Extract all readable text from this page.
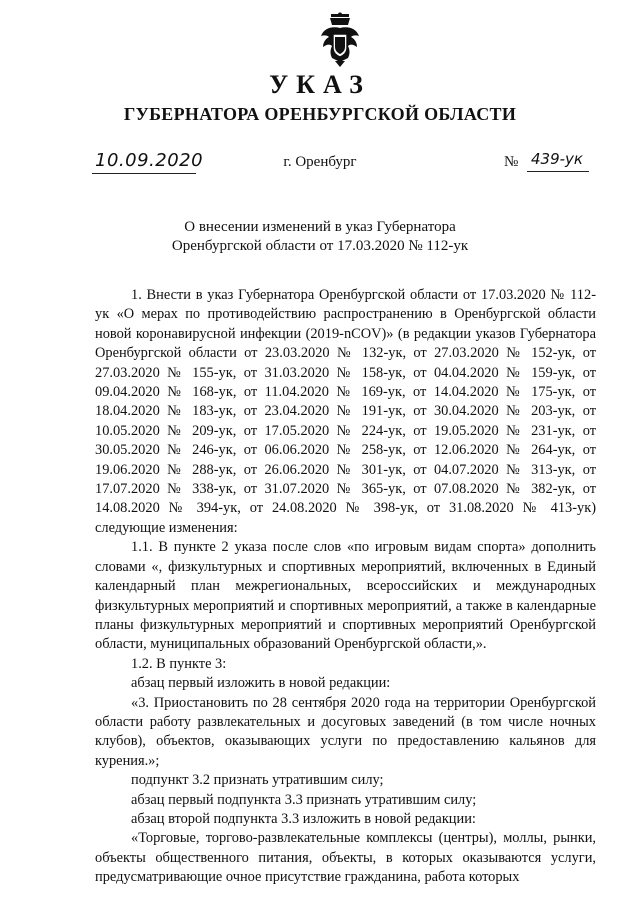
УКАЗ
ГУБЕРНАТОРА ОРЕНБУРГСКОЙ ОБЛАСТИ
10.09.2020	г. Оренбург	№ 439-ук
О внесении изменений в указ Губернатора
Оренбургской области от 17.03.2020 № 112-ук

1. Внести в указ Губернатора Оренбургской области от 17.03.2020 № 112-ук «О мерах по противодействию распространению в Оренбургской области новой коронавирусной инфекции (2019-nCOV)» (в редакции указов Губернатора Оренбургской области от 23.03.2020 № 132-ук, от 27.03.2020 № 152-ук, от 27.03.2020 № 155-ук, от 31.03.2020 № 158-ук, от 04.04.2020 № 159-ук, от 09.04.2020 № 168-ук, от 11.04.2020 № 169-ук, от 14.04.2020 № 175-ук, от 18.04.2020 № 183-ук, от 23.04.2020 № 191-ук, от 30.04.2020 № 203-ук, от 10.05.2020 № 209-ук, от 17.05.2020 № 224-ук, от 19.05.2020 № 231-ук, от 30.05.2020 № 246-ук, от 06.06.2020 № 258-ук, от 12.06.2020 № 264-ук, от 19.06.2020 № 288-ук, от 26.06.2020 № 301-ук, от 04.07.2020 № 313-ук, от 17.07.2020 № 338-ук, от 31.07.2020 № 365-ук, от 07.08.2020 № 382-ук, от 14.08.2020 № 394-ук, от 24.08.2020 № 398-ук, от 31.08.2020 № 413-ук) следующие изменения:

1.1. В пункте 2 указа после слов «по игровым видам спорта» дополнить словами «, физкультурных и спортивных мероприятий, включенных в Единый календарный план межрегиональных, всероссийских и международных физкультурных мероприятий и спортивных мероприятий, а также в календарные планы физкультурных мероприятий и спортивных мероприятий Оренбургской области, муниципальных образований Оренбургской области,».

1.2. В пункте 3:

абзац первый изложить в новой редакции:

«3. Приостановить по 28 сентября 2020 года на территории Оренбургской области работу развлекательных и досуговых заведений (в том числе ночных клубов), объектов, оказывающих услуги по предоставлению кальянов для курения.»;

подпункт 3.2 признать утратившим силу;

абзац первый подпункта 3.3 признать утратившим силу;

абзац второй подпункта 3.3 изложить в новой редакции:

«Торговые, торгово-развлекательные комплексы (центры), моллы, рынки, объекты общественного питания, объекты, в которых оказываются услуги, предусматривающие очное присутствие гражданина, работа которых
